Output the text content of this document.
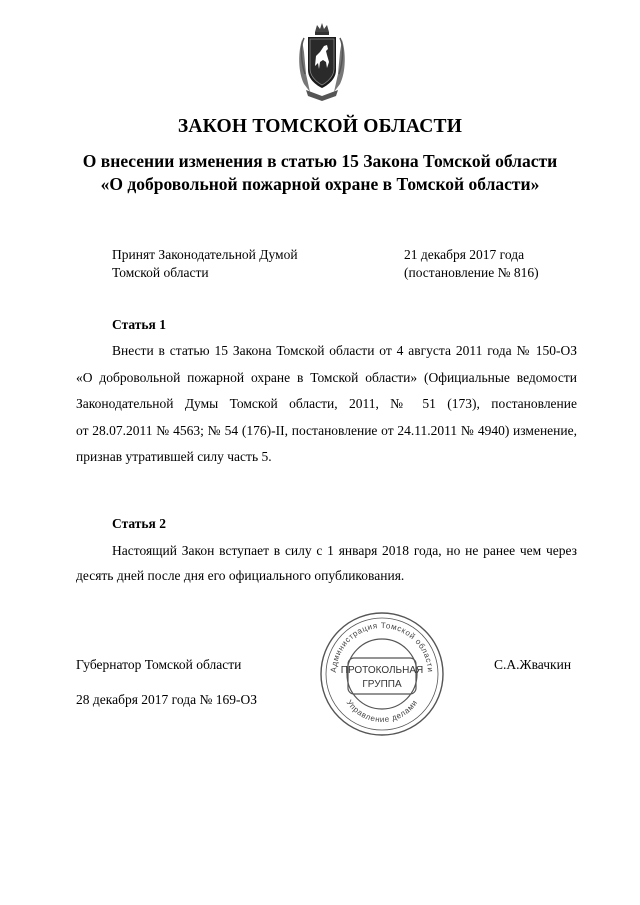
ЗАКОН ТОМСКОЙ ОБЛАСТИ
О внесении изменения в статью 15 Закона Томской области
«О добровольной пожарной охране в Томской области»
Принят Законодательной Думой
Томской области
21 декабря 2017 года
(постановление № 816)
Статья 1
Внести в статью 15 Закона Томской области от 4 августа 2011 года № 150-ОЗ
«О добровольной пожарной охране в Томской области» (Официальные ведомости
Законодательной Думы Томской области, 2011, № 51 (173), постановление
от 28.07.2011 № 4563; № 54 (176)-II, постановление от 24.11.2011 № 4940) изменение,
признав утратившей силу часть 5.
Статья 2
Настоящий Закон вступает в силу с 1 января 2018 года, но не ранее чем через
десять дней после дня его официального опубликования.
Губернатор Томской области	С.А.Жвачкин
28 декабря 2017 года № 169-ОЗ
Администрация Томской области
Управление делами
ПРОТОКОЛЬНАЯ
ГРУППА
